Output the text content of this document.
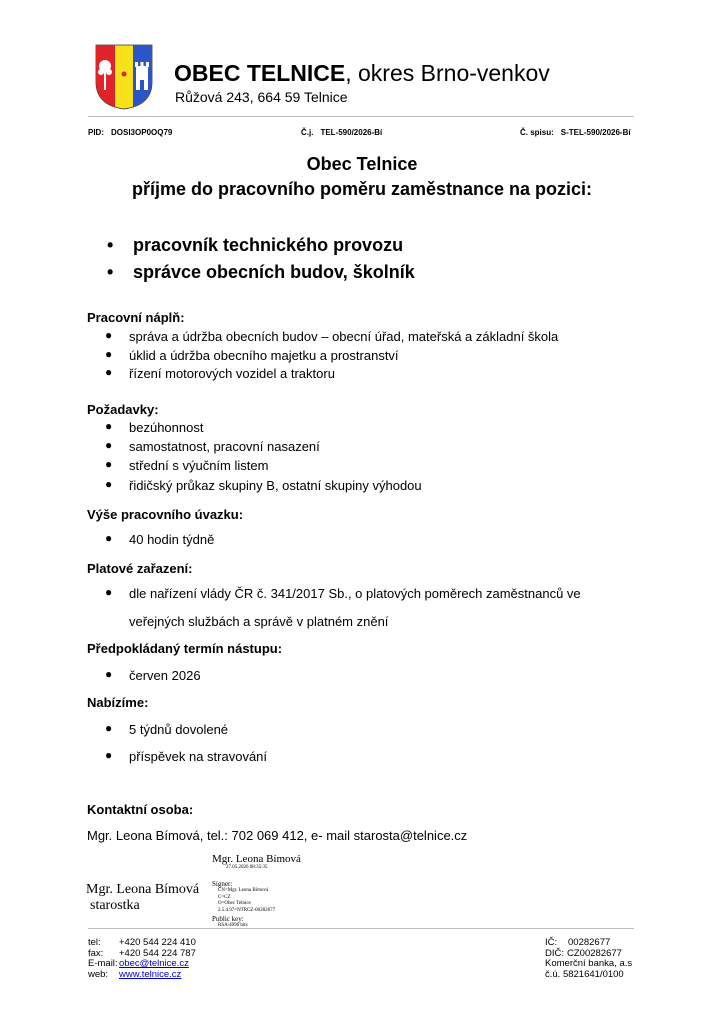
OBEC TELNICE, okres Brno-venkov
Růžová 243, 664 59 Telnice
PID: DOSI3OP0OQ79	Č.j. TEL-590/2026-Bí	Č. spisu: S-TEL-590/2026-Bí
Obec Telnice
příjme do pracovního poměru zaměstnance na pozici:
• pracovník technického provozu
• správce obecních budov, školník
Pracovní náplň:
● správa a údržba obecních budov – obecní úřad, mateřská a základní škola
● úklid a údržba obecního majetku a prostranství
● řízení motorových vozidel a traktoru
Požadavky:
● bezúhonnost
● samostatnost, pracovní nasazení
● střední s výučním listem
● řidičský průkaz skupiny B, ostatní skupiny výhodou
Výše pracovního úvazku:
● 40 hodin týdně
Platové zařazení:
● dle nařízení vlády ČR č. 341/2017 Sb., o platových poměrech zaměstnanců ve
veřejných službách a správě v platném znění
Předpokládaný termín nástupu:
● červen 2026
Nabízíme:
● 5 týdnů dovolené
● příspěvek na stravování
Kontaktní osoba:
Mgr. Leona Bímová, tel.: 702 069 412, e- mail starosta@telnice.cz
Mgr. Leona Bímová
27.05.2026 08:35:35
Signer:
CN=Mgr. Leona Bímová
C=CZ
O=Obec Telnice
2.5.4.97=NTRCZ-00282677
Public key:
RSA/4096 bits
Mgr. Leona Bímová
starostka
tel: +420 544 224 410
fax: +420 544 224 787
E-mail:obec@telnice.cz
web: www.telnice.cz
IČ: 00282677
DIČ: CZ00282677
Komerční banka, a.s
č.ú. 5821641/0100
